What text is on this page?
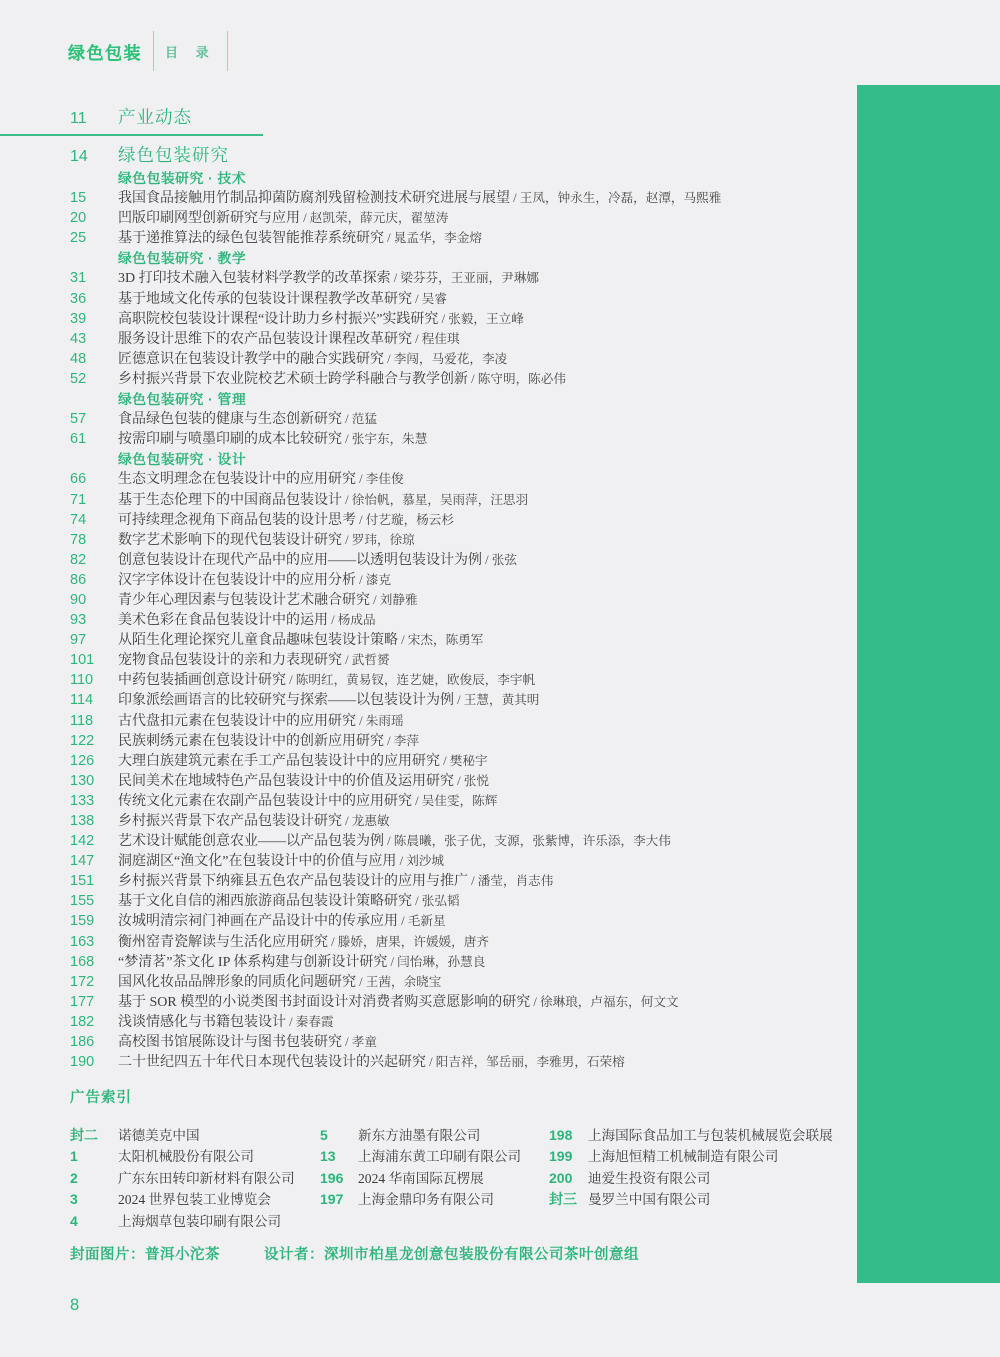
绿色包装 目 录
11	产业动态
14	绿色包装研究
绿色包装研究 · 技术
15	我国食品接触用竹制品抑菌防腐剂残留检测技术研究进展与展望 / 王凤，钟永生，冷磊，赵潭，马熙雅
20	凹版印刷网型创新研究与应用 / 赵凯荣，薛元庆，翟堃涛
25	基于递推算法的绿色包装智能推荐系统研究 / 晁孟华，李金熔
绿色包装研究 · 教学
31	3D 打印技术融入包装材料学教学的改革探索 / 梁芬芬，王亚丽，尹琳娜
36	基于地域文化传承的包装设计课程教学改革研究 / 吴睿
39	高职院校包装设计课程“设计助力乡村振兴”实践研究 / 张毅，王立峰
43	服务设计思维下的农产品包装设计课程改革研究 / 程佳琪
48	匠德意识在包装设计教学中的融合实践研究 / 李闯，马爱花，李凌
52	乡村振兴背景下农业院校艺术硕士跨学科融合与教学创新 / 陈守明，陈必伟
绿色包装研究 · 管理
57	食品绿色包装的健康与生态创新研究 / 范猛
61	按需印刷与喷墨印刷的成本比较研究 / 张宇东，朱慧
绿色包装研究 · 设计
66	生态文明理念在包装设计中的应用研究 / 李佳俊
71	基于生态伦理下的中国商品包装设计 / 徐怡帆，慕星，吴雨萍，汪思羽
74	可持续理念视角下商品包装的设计思考 / 付艺璇，杨云杉
78	数字艺术影响下的现代包装设计研究 / 罗玮，徐琼
82	创意包装设计在现代产品中的应用——以透明包装设计为例 / 张弦
86	汉字字体设计在包装设计中的应用分析 / 漆克
90	青少年心理因素与包装设计艺术融合研究 / 刘静雅
93	美术色彩在食品包装设计中的运用 / 杨成品
97	从陌生化理论探究儿童食品趣味包装设计策略 / 宋杰，陈勇军
101	宠物食品包装设计的亲和力表现研究 / 武哲赟
110	中药包装插画创意设计研究 / 陈明红，黄易钗，连艺婕，欧俊辰，李宇帆
114	印象派绘画语言的比较研究与探索——以包装设计为例 / 王慧，黄其明
118	古代盘扣元素在包装设计中的应用研究 / 朱雨瑶
122	民族刺绣元素在包装设计中的创新应用研究 / 李萍
126	大理白族建筑元素在手工产品包装设计中的应用研究 / 樊秘宇
130	民间美术在地域特色产品包装设计中的价值及运用研究 / 张悦
133	传统文化元素在农副产品包装设计中的应用研究 / 吴佳雯，陈辉
138	乡村振兴背景下农产品包装设计研究 / 龙惠敏
142	艺术设计赋能创意农业——以产品包装为例 / 陈晨曦，张子优，支源，张紫博，许乐添，李大伟
147	洞庭湖区“渔文化”在包装设计中的价值与应用 / 刘沙城
151	乡村振兴背景下纳雍县五色农产品包装设计的应用与推广 / 潘莹，肖志伟
155	基于文化自信的湘西旅游商品包装设计策略研究 / 张弘韬
159	汝城明清宗祠门神画在产品设计中的传承应用 / 毛新星
163	衡州窑青瓷解读与生活化应用研究 / 滕娇，唐果，许媛媛，唐齐
168	“梦清茗”茶文化 IP 体系构建与创新设计研究 / 闫怡琳，孙慧良
172	国风化妆品品牌形象的同质化问题研究 / 王茜，余晓宝
177	基于 SOR 模型的小说类图书封面设计对消费者购买意愿影响的研究 / 徐琳琅，卢福东，何文文
182	浅谈情感化与书籍包装设计 / 秦春霞
186	高校图书馆展陈设计与图书包装研究 / 孝童
190	二十世纪四五十年代日本现代包装设计的兴起研究 / 阳吉祥，邹岳丽，李雅男，石荣榕
广告索引
封二	诺德美克中国
1	太阳机械股份有限公司
2	广东东田转印新材料有限公司
3	2024 世界包装工业博览会
4	上海烟草包装印刷有限公司
5	新东方油墨有限公司
13	上海浦东黄工印刷有限公司
196	2024 华南国际瓦楞展
197	上海金鼎印务有限公司
198	上海国际食品加工与包装机械展览会联展
199	上海旭恒精工机械制造有限公司
200	迪爱生投资有限公司
封三 曼罗兰中国有限公司
封面图片：普洱小沱茶	设计者：深圳市柏星龙创意包装股份有限公司茶叶创意组
8
